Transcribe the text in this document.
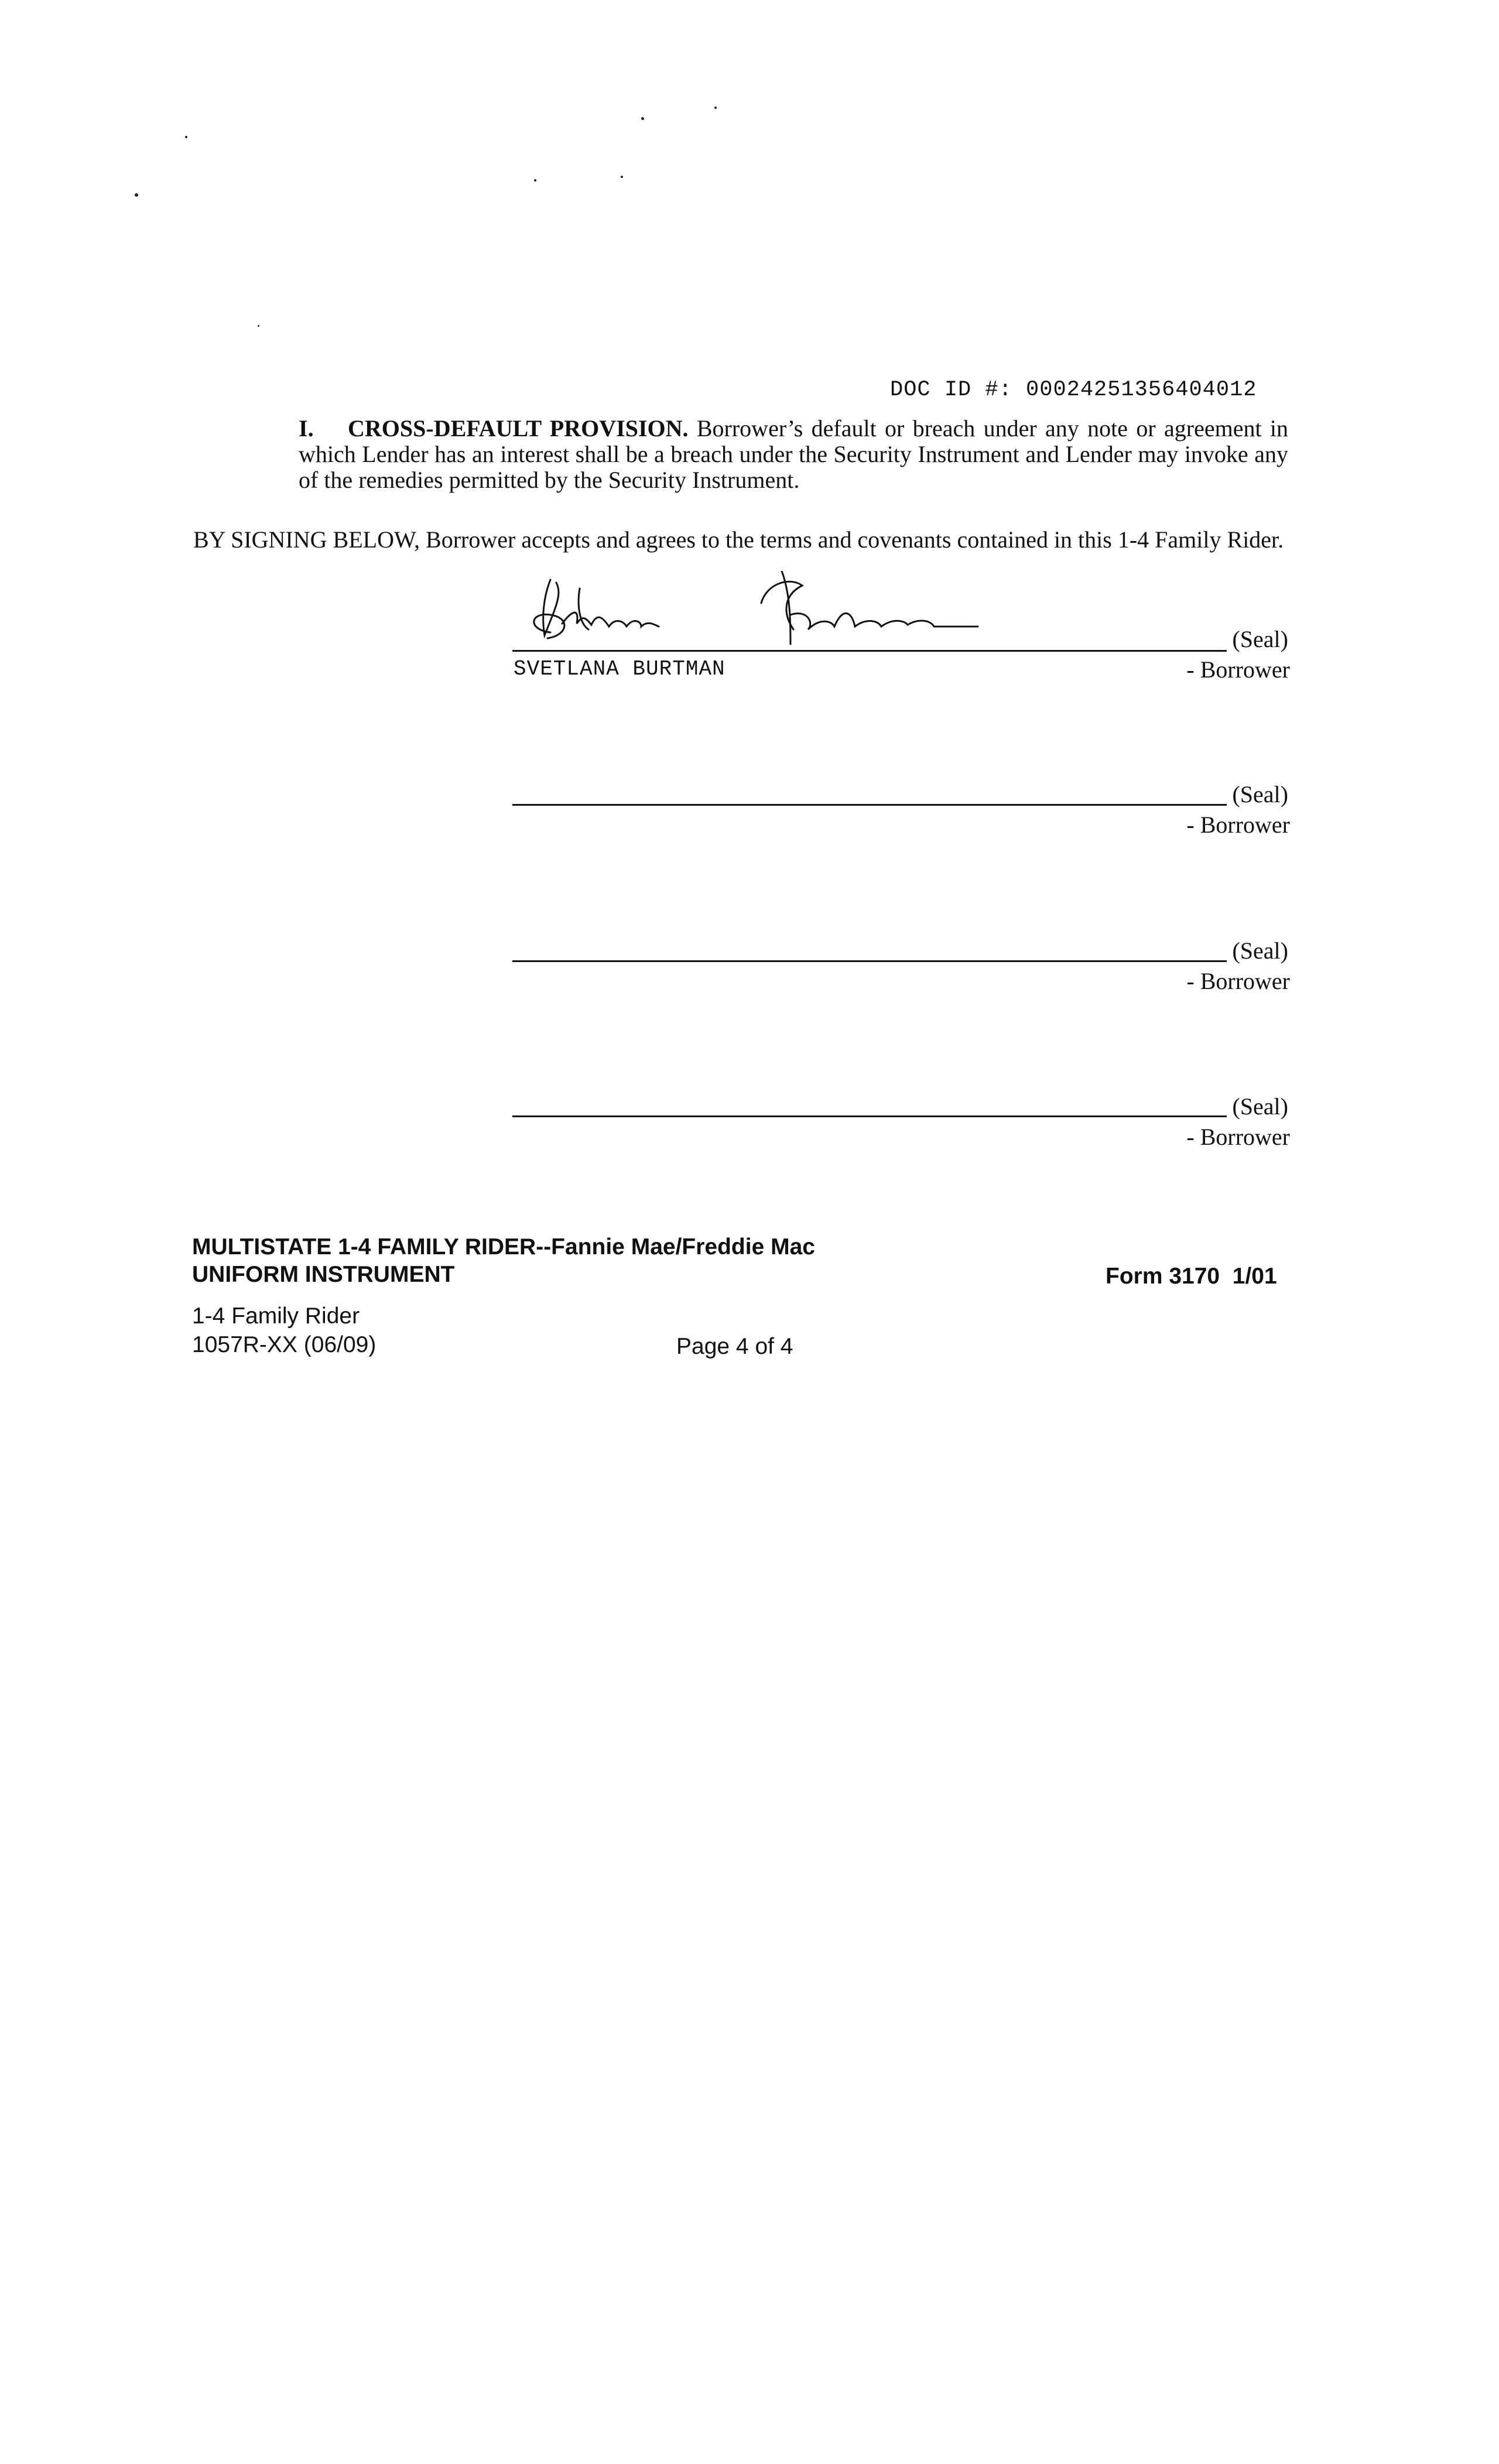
DOC ID #: 00024251356404012
I. CROSS-DEFAULT PROVISION. Borrower’s default or breach under any note or agreement in which Lender has an interest shall be a breach under the Security Instrument and Lender may invoke any of the remedies permitted by the Security Instrument.
BY SIGNING BELOW, Borrower accepts and agrees to the terms and covenants contained in this 1-4 Family Rider.
(Seal)
SVETLANA BURTMAN	- Borrower
(Seal)
- Borrower
(Seal)
- Borrower
(Seal)
- Borrower
MULTISTATE 1-4 FAMILY RIDER--Fannie Mae/Freddie Mac
UNIFORM INSTRUMENT	Form 3170  1/01
1-4 Family Rider
1057R-XX (06/09)	Page 4 of 4
